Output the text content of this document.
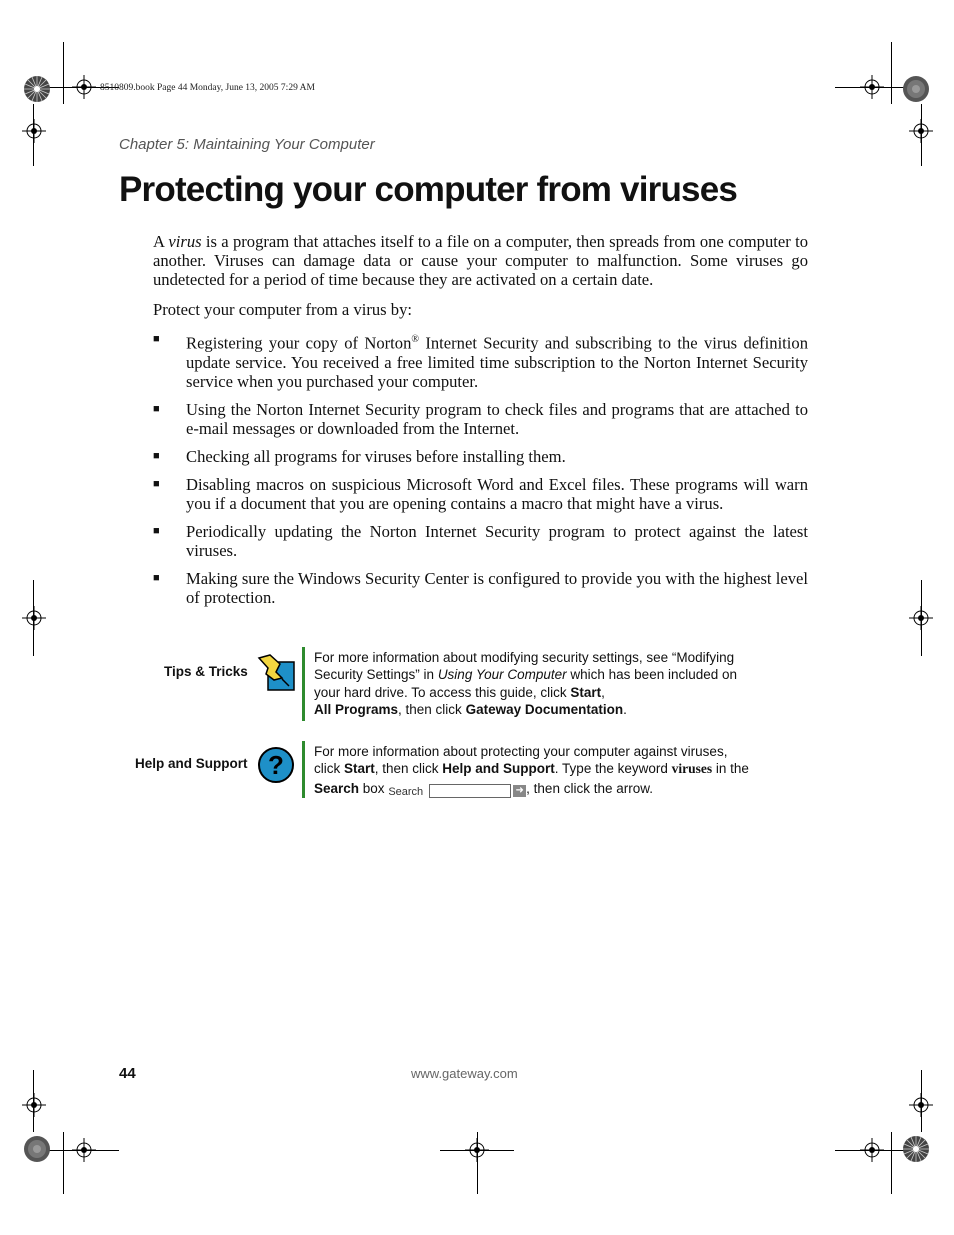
8510809.book Page 44 Monday, June 13, 2005 7:29 AM
Chapter 5: Maintaining Your Computer
Protecting your computer from viruses

A virus is a program that attaches itself to a file on a computer, then spreads from one computer to another. Viruses can damage data or cause your computer to malfunction. Some viruses go undetected for a period of time because they are activated on a certain date.

Protect your computer from a virus by:

■ Registering your copy of Norton® Internet Security and subscribing to the virus definition update service. You received a free limited time subscription to the Norton Internet Security service when you purchased your computer.
■ Using the Norton Internet Security program to check files and programs that are attached to e-mail messages or downloaded from the Internet.
■ Checking all programs for viruses before installing them.
■ Disabling macros on suspicious Microsoft Word and Excel files. These programs will warn you if a document that you are opening contains a macro that might have a virus.
■ Periodically updating the Norton Internet Security program to protect against the latest viruses.
■ Making sure the Windows Security Center is configured to provide you with the highest level of protection.
Tips & Tricks
For more information about modifying security settings, see “Modifying Security Settings” in Using Your Computer which has been included on your hard drive. To access this guide, click Start,
All Programs, then click Gateway Documentation.
Help and Support ? For more information about protecting your computer against viruses, click Start, then click Help and Support. Type the keyword viruses in the Search box Search	➜ , then click the arrow.
44	www.gateway.com
